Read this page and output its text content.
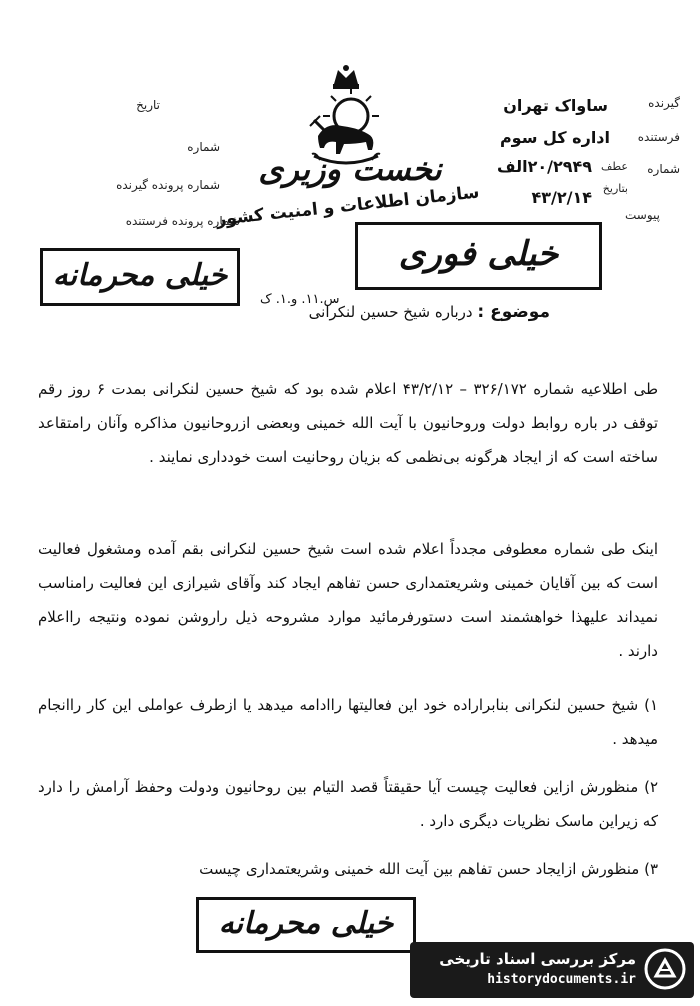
تاریخ
شماره
شماره پرونده گیرنده
شماره پرونده فرستنده
نخست وزیری
سازمان اطلاعات و امنیت کشور
گیرنده
ساواک تهران
فرستنده
اداره کل سوم
شماره
عطف
۲۰/۲۹۴۹الف
بتاریخ
۴۳/۲/۱۴
پیوست
خیلی فوری
خیلی محرمانه
س.۱۱. و.۱. ک
موضوع : درباره شیخ حسین لنکرانی
طی اطلاعیه شماره ۳۲۶/۱۷۲ – ۴۳/۲/۱۲ اعلام شده بود که شیخ حسین لنکرانی بمدت ۶ روز رقم توقف در باره روابط دولت وروحانیون با آیت الله خمینی وبعضی ازروحانیون مذاکره وآنان رامتقاعد ساخته است که از ایجاد هرگونه بی‌نظمی که بزیان روحانیت است خودداری نمایند .
اینک طی شماره معطوفی مجدداً اعلام شده است شیخ حسین لنکرانی بقم آمده ومشغول فعالیت است که بین آقایان خمینی وشریعتمداری حسن تفاهم ایجاد کند وآقای شیرازی این فعالیت رامناسب نمیداند علیهذا خواهشمند است دستورفرمائید موارد مشروحه ذیل راروشن نموده ونتیجه رااعلام دارند .
۱) شیخ حسین لنکرانی بنابراراده خود این فعالیتها راادامه میدهد یا ازطرف عواملی این کار راانجام میدهد .
۲) منظورش ازاین فعالیت چیست آیا حقیقتاً قصد التیام بین روحانیون ودولت وحفظ آرامش را دارد که زیراین ماسک نظریات دیگری دارد .
۳) منظورش ازایجاد حسن تفاهم بین آیت الله خمینی وشریعتمداری چیست
خیلی محرمانه
مرکز بررسی اسناد تاریخی
historydocuments.ir
